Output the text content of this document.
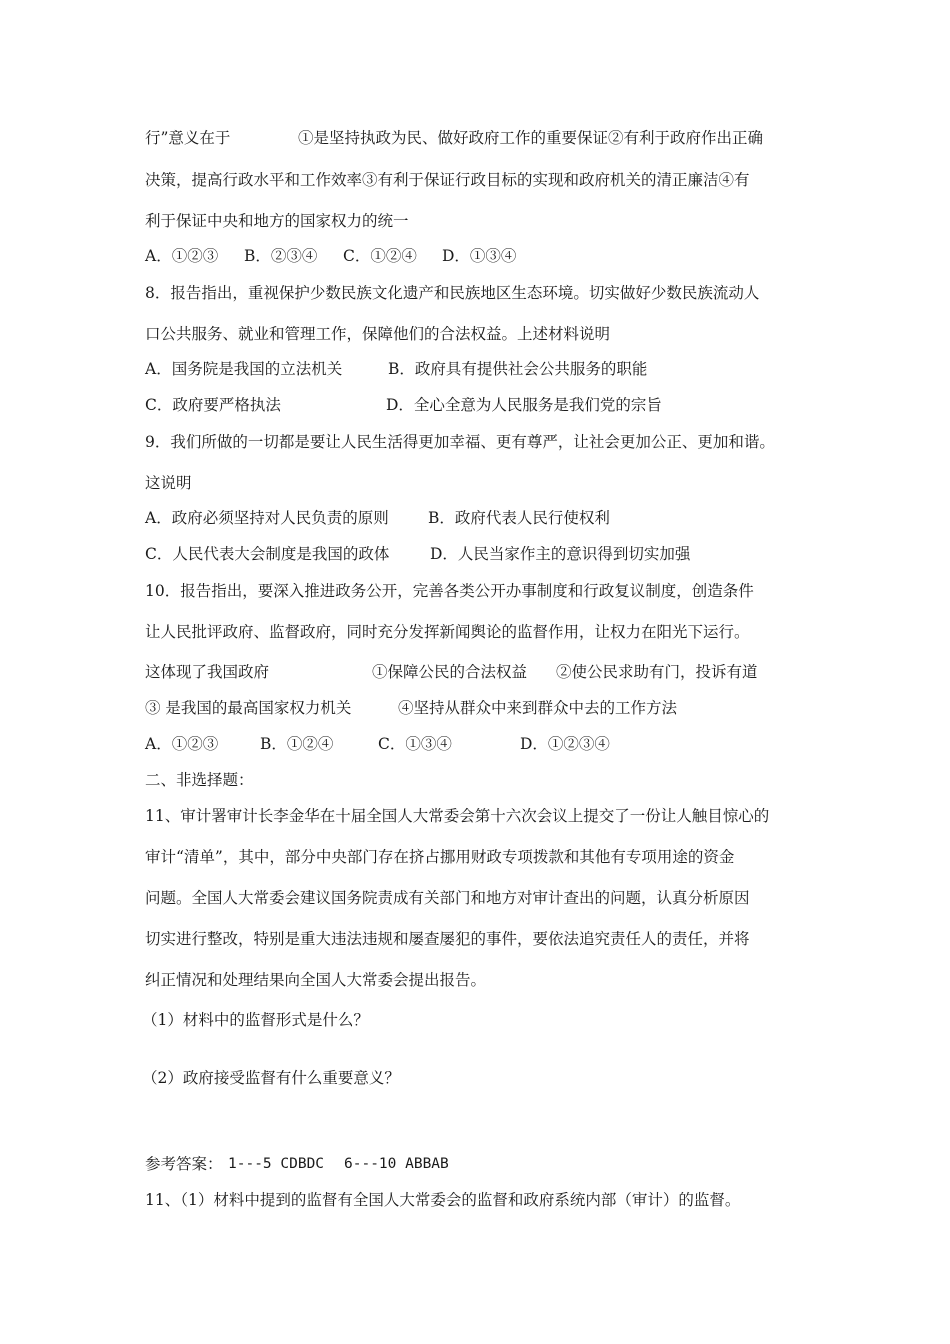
行”意义在于	①是坚持执政为民、做好政府工作的重要保证②有利于政府作出正确
决策，提高行政水平和工作效率③有利于保证行政目标的实现和政府机关的清正廉洁④有
利于保证中央和地方的国家权力的统一
A．①②③ B．②③④ C．①②④ D．①③④
8．报告指出，重视保护少数民族文化遗产和民族地区生态环境。切实做好少数民族流动人
口公共服务、就业和管理工作，保障他们的合法权益。上述材料说明
A．国务院是我国的立法机关	B．政府具有提供社会公共服务的职能
C．政府要严格执法	D．全心全意为人民服务是我们党的宗旨
9．我们所做的一切都是要让人民生活得更加幸福、更有尊严，让社会更加公正、更加和谐。
这说明
A．政府必须坚持对人民负责的原则	B．政府代表人民行使权利
C．人民代表大会制度是我国的政体	D．人民当家作主的意识得到切实加强
10．报告指出，要深入推进政务公开，完善各类公开办事制度和行政复议制度，创造条件
让人民批评政府、监督政府，同时充分发挥新闻舆论的监督作用，让权力在阳光下运行。
这体现了我国政府	①保障公民的合法权益 ②使公民求助有门，投诉有道
③ 是我国的最高国家权力机关	④坚持从群众中来到群众中去的工作方法
A．①②③	B．①②④	C．①③④	D．①②③④
二、非选择题：
11、审计署审计长李金华在十届全国人大常委会第十六次会议上提交了一份让人触目惊心的
审计“清单”，其中，部分中央部门存在挤占挪用财政专项拨款和其他有专项用途的资金
问题。全国人大常委会建议国务院责成有关部门和地方对审计查出的问题，认真分析原因
切实进行整改，特别是重大违法违规和屡查屡犯的事件，要依法追究责任人的责任，并将
纠正情况和处理结果向全国人大常委会提出报告。
（1）材料中的监督形式是什么？
（2）政府接受监督有什么重要意义？
参考答案： 1---5 CDBDC 6---10 ABBAB
11、（1）材料中提到的监督有全国人大常委会的监督和政府系统内部（审计）的监督。
